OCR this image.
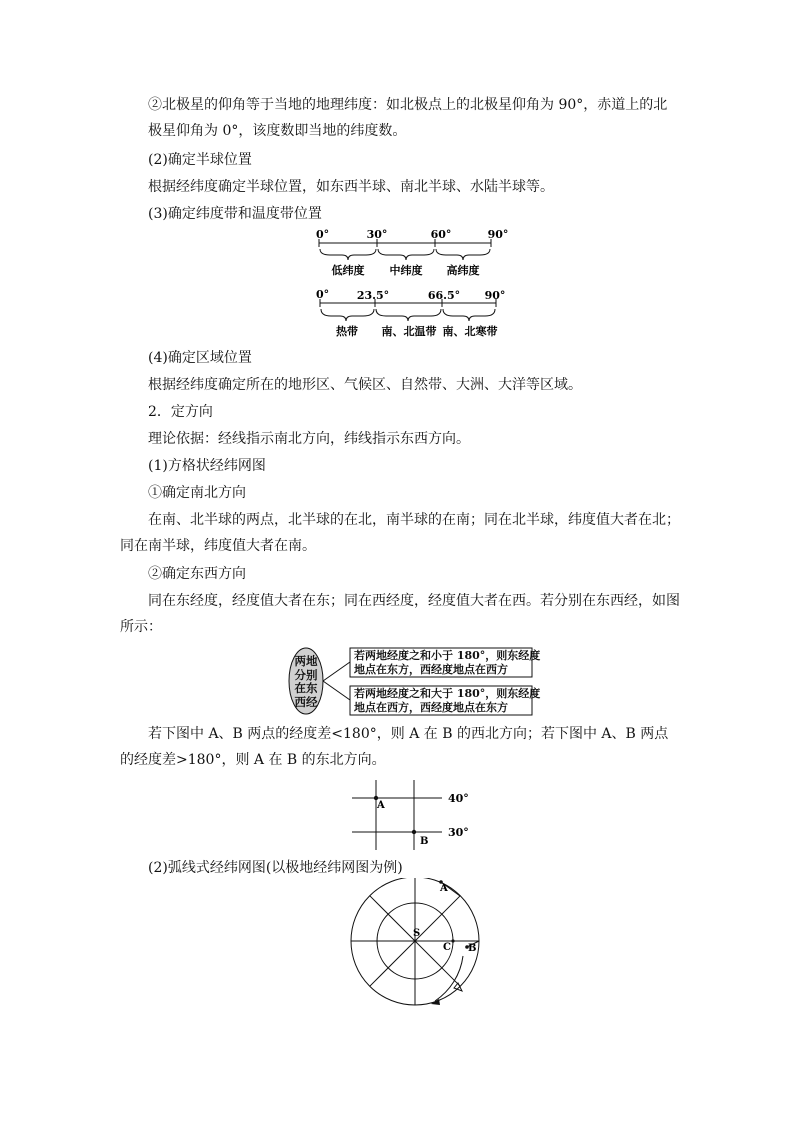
②北极星的仰角等于当地的地理纬度：如北极点上的北极星仰角为 90°，赤道上的北极星仰角为 0°，该度数即当地的纬度数。
(2)确定半球位置
根据经纬度确定半球位置，如东西半球、南北半球、水陆半球等。
(3)确定纬度带和温度带位置
0°	30°	60°	90°
低纬度 中纬度 高纬度
0°	23.5°	66.5° 90°
热带 南、北温带 南、北寒带
(4)确定区域位置
根据经纬度确定所在的地形区、气候区、自然带、大洲、大洋等区域。
2．定方向
理论依据：经线指示南北方向，纬线指示东西方向。
(1)方格状经纬网图
①确定南北方向
在南、北半球的两点，北半球的在北，南半球的在南；同在北半球，纬度值大者在北；同在南半球，纬度值大者在南。
②确定东西方向
同在东经度，经度值大者在东；同在西经度，经度值大者在西。若分别在东西经，如图所示：
两地分别在东西经
若两地经度之和小于 180°，则东经度
地点在东方，西经度地点在西方
若两地经度之和大于 180°，则东经度
地点在西方，西经度地点在东方
若下图中 A、B 两点的经度差<180°，则 A 在 B 的西北方向；若下图中 A、B 两点的经度差>180°，则 A 在 B 的东北方向。
A
B
40°
30°
(2)弧线式经纬网图(以极地经纬网图为例)
S
A
B
C
